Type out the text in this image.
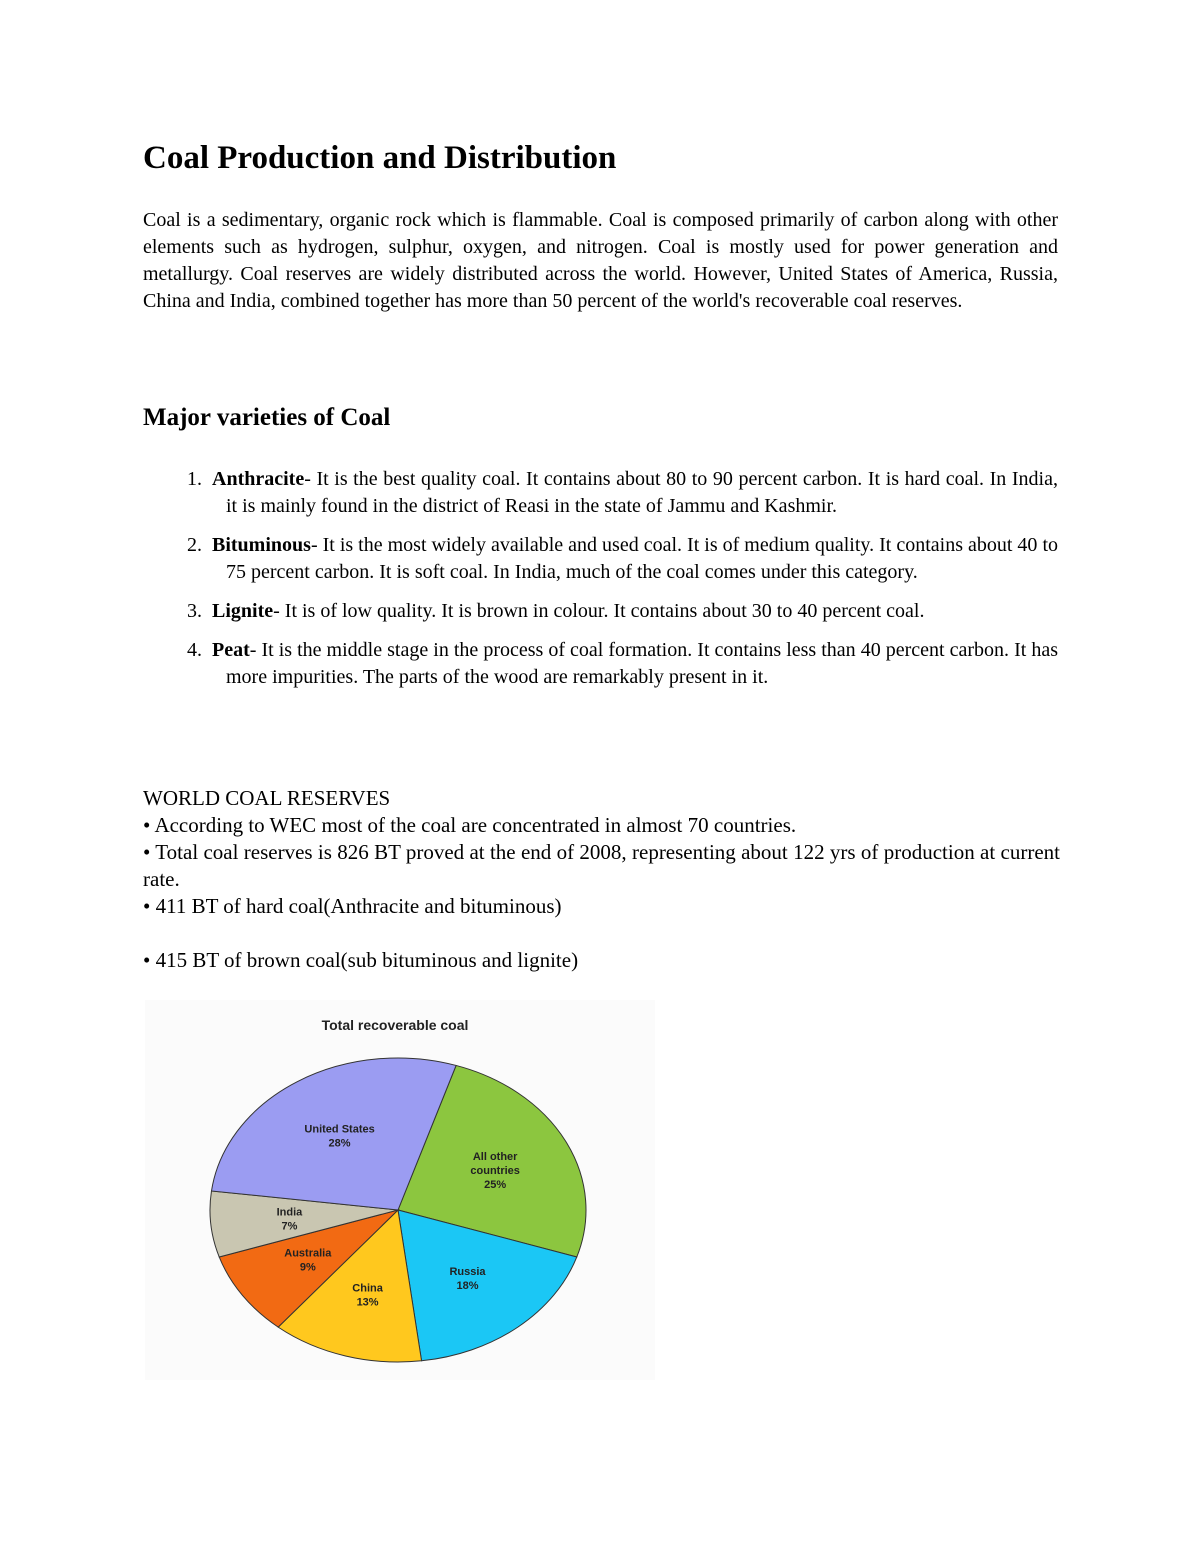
Coal Production and Distribution

Coal is a sedimentary, organic rock which is flammable. Coal is composed primarily of carbon along with other elements such as hydrogen, sulphur, oxygen, and nitrogen. Coal is mostly used for power generation and metallurgy. Coal reserves are widely distributed across the world. However, United States of America, Russia, China and India, combined together has more than 50 percent of the world's recoverable coal reserves.

Major varieties of Coal
1. Anthracite- It is the best quality coal. It contains about 80 to 90 percent carbon. It is hard coal. In India, it is mainly found in the district of Reasi in the state of Jammu and Kashmir.
2. Bituminous- It is the most widely available and used coal. It is of medium quality. It contains about 40 to 75 percent carbon. It is soft coal. In India, much of the coal comes under this category.
3. Lignite- It is of low quality. It is brown in colour. It contains about 30 to 40 percent coal.
4. Peat- It is the middle stage in the process of coal formation. It contains less than 40 percent carbon. It has more impurities. The parts of the wood are remarkably present in it.
WORLD COAL RESERVES
• According to WEC most of the coal are concentrated in almost 70 countries.
• Total coal reserves is 826 BT proved at the end of 2008, representing about 122 yrs of production at current rate.
• 411 BT of hard coal(Anthracite and bituminous)
• 415 BT of brown coal(sub bituminous and lignite)
Total recoverable coal
All other countries 25%
Russia 18%
China 13%
Australia 9%
India 7%
United States 28%
